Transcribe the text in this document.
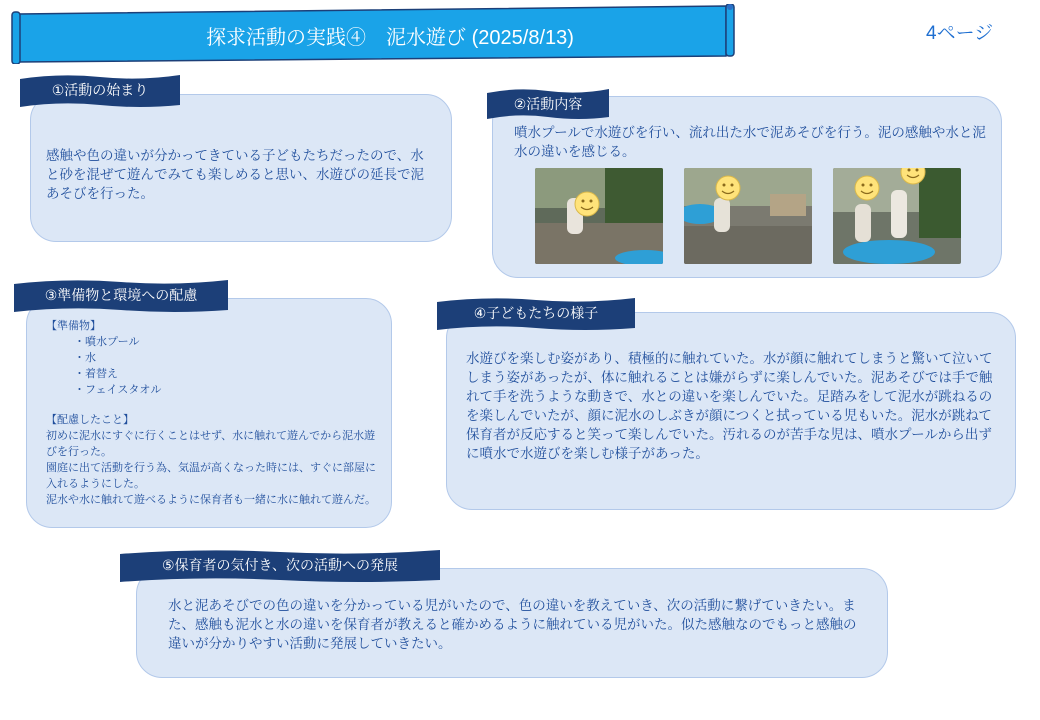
探求活動の実践④　泥水遊び (2025/8/13)	4ページ
①活動の始まり
感触や色の違いが分かってきている子どもたちだったので、水と砂を混ぜて遊んでみても楽しめると思い、水遊びの延長で泥あそびを行った。
②活動内容
噴水プールで水遊びを行い、流れ出た水で泥あそびを行う。泥の感触や水と泥水の違いを感じる。
③準備物と環境への配慮
【準備物】
・噴水プール
・水
・着替え
・フェイスタオル
【配慮したこと】
初めに泥水にすぐに行くことはせず、水に触れて遊んでから泥水遊びを行った。
園庭に出て活動を行う為、気温が高くなった時には、すぐに部屋に入れるようにした。
泥水や水に触れて遊べるように保育者も一緒に水に触れて遊んだ。
④子どもたちの様子
水遊びを楽しむ姿があり、積極的に触れていた。水が顔に触れてしまうと驚いて泣いてしまう姿があったが、体に触れることは嫌がらずに楽しんでいた。泥あそびでは手で触れて手を洗うような動きで、水との違いを楽しんでいた。足踏みをして泥水が跳ねるのを楽しんでいたが、顔に泥水のしぶきが顔につくと拭っている児もいた。泥水が跳ねて保育者が反応すると笑って楽しんでいた。汚れるのが苦手な児は、噴水プールから出ずに噴水で水遊びを楽しむ様子があった。
⑤保育者の気付き、次の活動への発展
水と泥あそびでの色の違いを分かっている児がいたので、色の違いを教えていき、次の活動に繋げていきたい。また、感触も泥水と水の違いを保育者が教えると確かめるように触れている児がいた。似た感触なのでもっと感触の違いが分かりやすい活動に発展していきたい。
